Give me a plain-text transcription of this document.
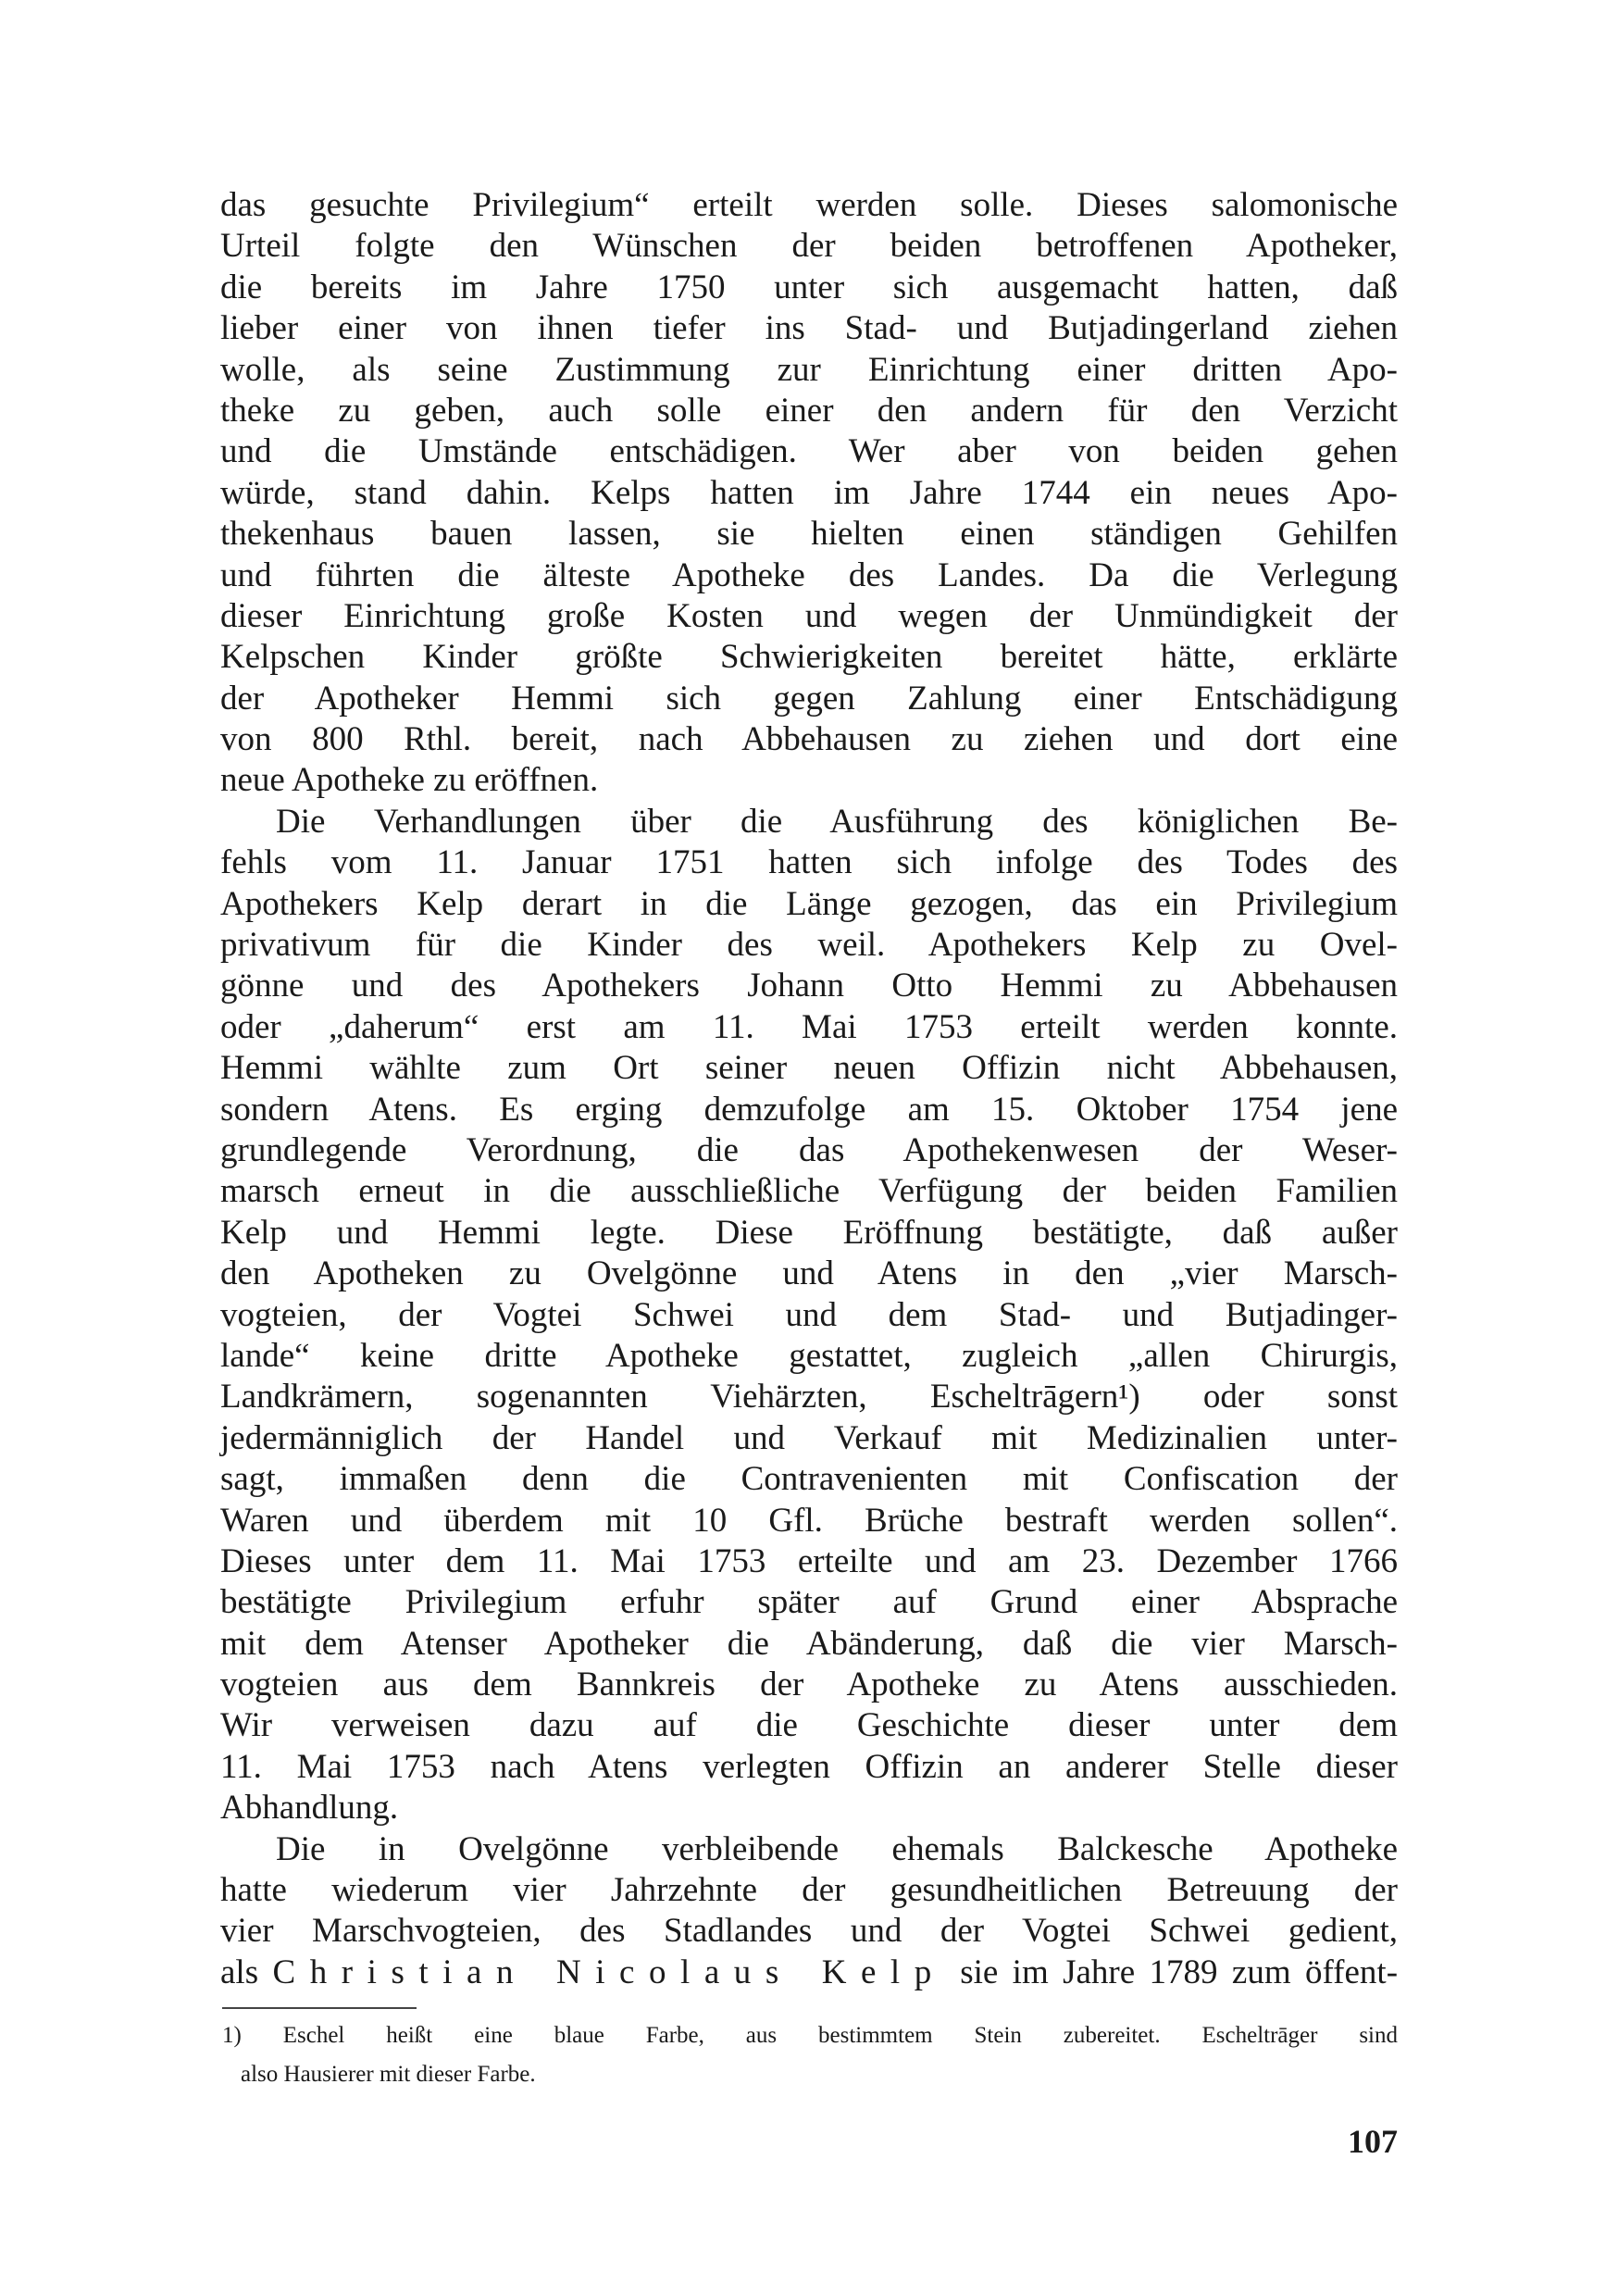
das gesuchte Privilegium“ erteilt werden solle. Dieses salomonische
Urteil folgte den Wünschen der beiden betroffenen Apotheker,
die bereits im Jahre 1750 unter sich ausgemacht hatten, daß
lieber einer von ihnen tiefer ins Stad- und Butjadingerland ziehen
wolle, als seine Zustimmung zur Einrichtung einer dritten Apo-
theke zu geben, auch solle einer den andern für den Verzicht
und die Umstände entschädigen. Wer aber von beiden gehen
würde, stand dahin. Kelps hatten im Jahre 1744 ein neues Apo-
thekenhaus bauen lassen, sie hielten einen ständigen Gehilfen
und führten die älteste Apotheke des Landes. Da die Verlegung
dieser Einrichtung große Kosten und wegen der Unmündigkeit der
Kelpschen Kinder größte Schwierigkeiten bereitet hätte, erklärte
der Apotheker Hemmi sich gegen Zahlung einer Entschädigung
von 800 Rthl. bereit, nach Abbehausen zu ziehen und dort eine
neue Apotheke zu eröffnen.
Die Verhandlungen über die Ausführung des königlichen Be-
fehls vom 11. Januar 1751 hatten sich infolge des Todes des
Apothekers Kelp derart in die Länge gezogen, das ein Privilegium
privativum für die Kinder des weil. Apothekers Kelp zu Ovel-
gönne und des Apothekers Johann Otto Hemmi zu Abbehausen
oder „daherum“ erst am 11. Mai 1753 erteilt werden konnte.
Hemmi wählte zum Ort seiner neuen Offizin nicht Abbehausen,
sondern Atens. Es erging demzufolge am 15. Oktober 1754 jene
grundlegende Verordnung, die das Apothekenwesen der Weser-
marsch erneut in die ausschließliche Verfügung der beiden Familien
Kelp und Hemmi legte. Diese Eröffnung bestätigte, daß außer
den Apotheken zu Ovelgönne und Atens in den „vier Marsch-
vogteien, der Vogtei Schwei und dem Stad- und Butjadinger-
lande“ keine dritte Apotheke gestattet, zugleich „allen Chirurgis,
Landkrämern, sogenannten Viehärzten, Escheltrāgern¹) oder sonst
jedermänniglich der Handel und Verkauf mit Medizinalien unter-
sagt, immaßen denn die Contravenienten mit Confiscation der
Waren und überdem mit 10 Gfl. Brüche bestraft werden sollen“.
Dieses unter dem 11. Mai 1753 erteilte und am 23. Dezember 1766
bestätigte Privilegium erfuhr später auf Grund einer Absprache
mit dem Atenser Apotheker die Abänderung, daß die vier Marsch-
vogteien aus dem Bannkreis der Apotheke zu Atens ausschieden.
Wir verweisen dazu auf die Geschichte dieser unter dem
11. Mai 1753 nach Atens verlegten Offizin an anderer Stelle dieser
Abhandlung.
Die in Ovelgönne verbleibende ehemals Balckesche Apotheke
hatte wiederum vier Jahrzehnte der gesundheitlichen Betreuung der
vier Marschvogteien, des Stadlandes und der Vogtei Schwei gedient,
als Christian Nicolaus Kelp sie im Jahre 1789 zum öffent-
1) Eschel heißt eine blaue Farbe, aus bestimmtem Stein zubereitet. Escheltrāger sind
also Hausierer mit dieser Farbe.
107
